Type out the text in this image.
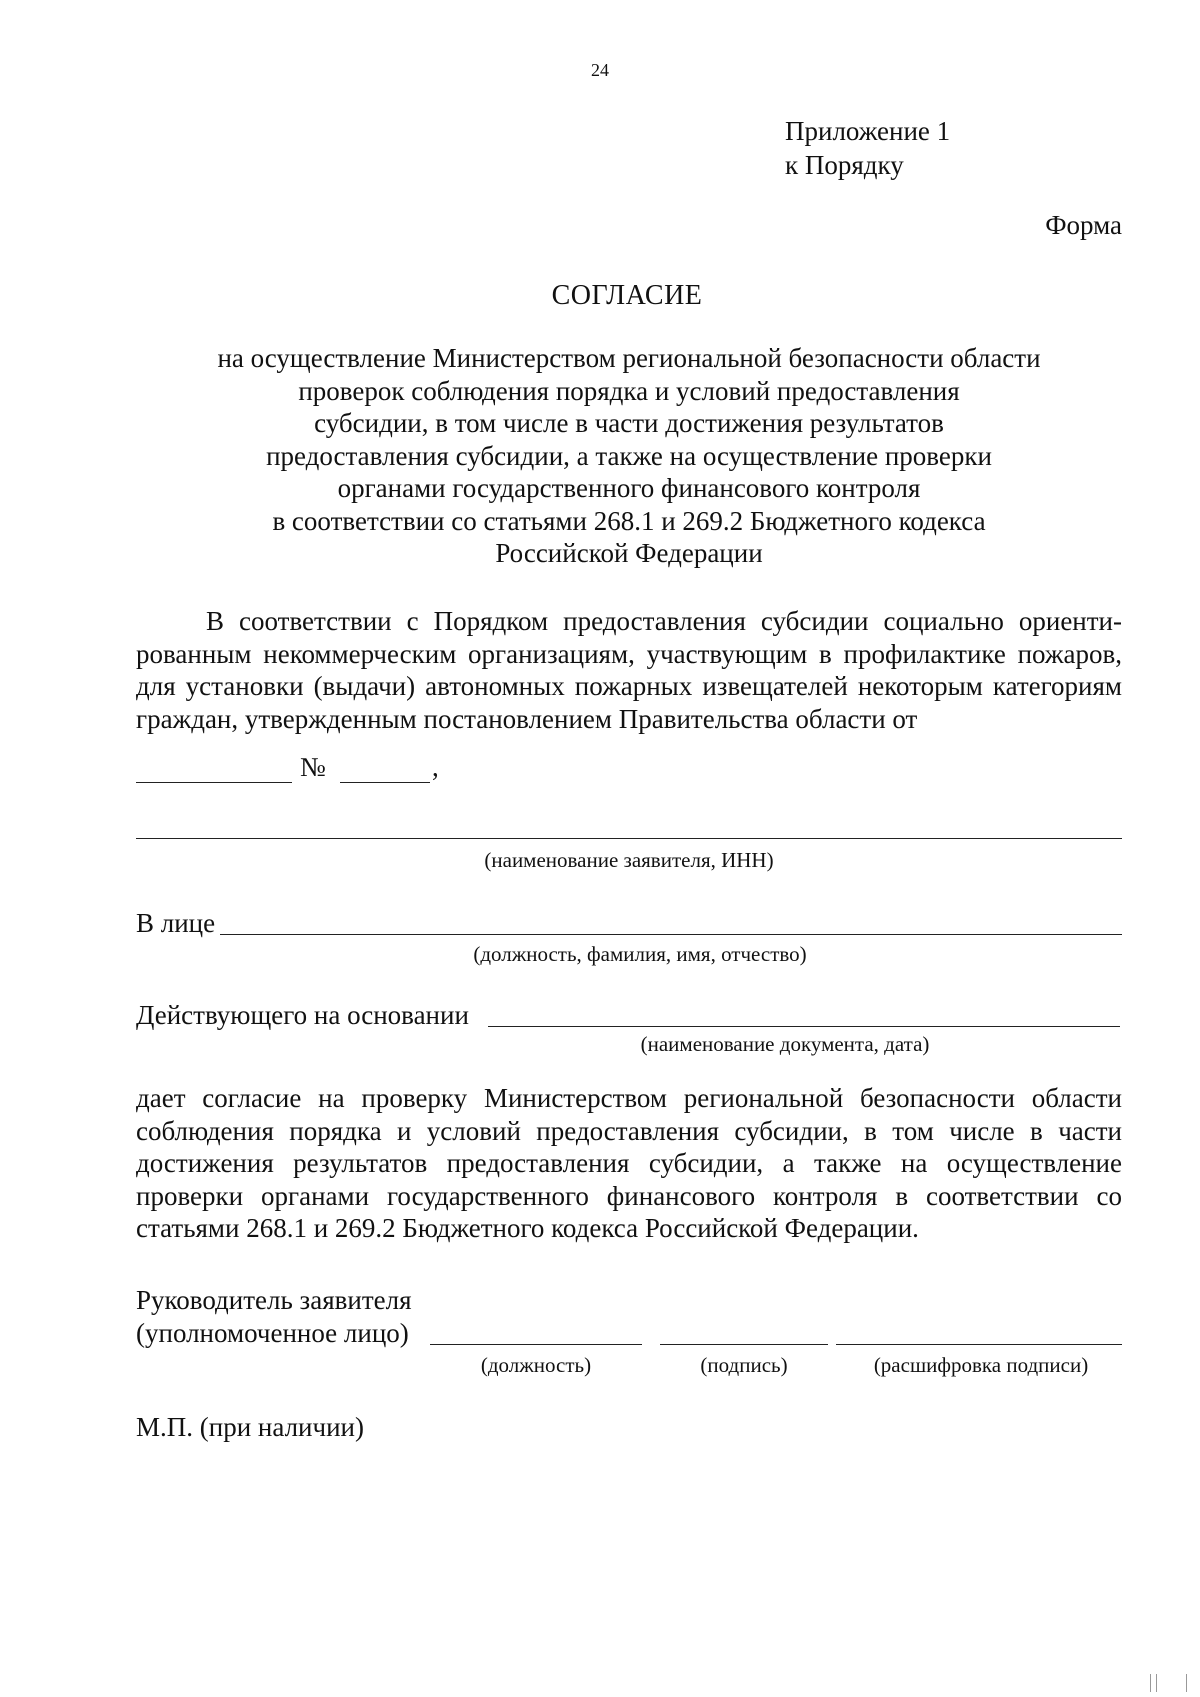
24
Приложение 1
к Порядку
Форма
СОГЛАСИЕ
на осуществление Министерством региональной безопасности области
проверок соблюдения порядка и условий предоставления
субсидии, в том числе в части достижения результатов
предоставления субсидии, а также на осуществление проверки
органами государственного финансового контроля
в соответствии со статьями 268.1 и 269.2 Бюджетного кодекса
Российской Федерации
В соответствии с Порядком предоставления субсидии социально ориентированным некоммерческим организациям, участвующим в профилактике пожаров, для установки (выдачи) автономных пожарных извещателей некоторым категориям граждан, утвержденным постановлением Правительства области от
№	,
(наименование заявителя, ИНН)
В лице
(должность, фамилия, имя, отчество)
Действующего на основании
(наименование документа, дата)
дает согласие на проверку Министерством региональной безопасности области соблюдения порядка и условий предоставления субсидии, в том числе в части достижения результатов предоставления субсидии, а также на осуществление проверки органами государственного финансового контроля в соответствии со статьями 268.1 и 269.2 Бюджетного кодекса Российской Федерации.
Руководитель заявителя
(уполномоченное лицо)
(должность)	(подпись)	(расшифровка подписи)
М.П. (при наличии)
